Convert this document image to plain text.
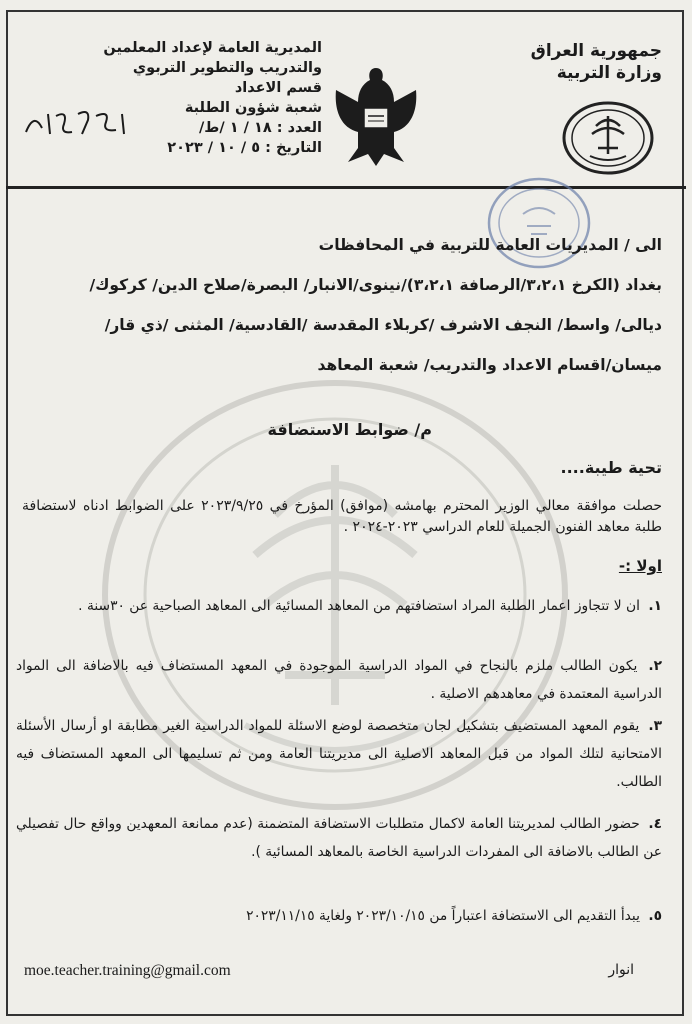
جمهورية العراق
وزارة التربية
المديرية العامة لإعداد المعلمين
والتدريب والتطوير التربوي
قسم الاعداد
شعبة شؤون الطلبة
العدد : ١٨ / ١ /ط/
التاريخ : ٥ / ١٠ / ٢٠٢٣
الى / المديريات العامة للتربية في المحافظات
بغداد (الكرخ ٣،٢،١/الرصافة ٣،٢،١)/نينوى/الانبار/ البصرة/صلاح الدين/ كركوك/
ديالى/ واسط/ النجف الاشرف /كربلاء المقدسة /القادسية/ المثنى /ذي قار/
ميسان/اقسام الاعداد والتدريب/ شعبة المعاهد
م/ ضوابط الاستضافة
تحية طيبة....
حصلت موافقة معالي الوزير المحترم بهامشه (موافق) المؤرخ في ٢٠٢٣/٩/٢٥ على الضوابط ادناه لاستضافة طلبة معاهد الفنون الجميلة للعام الدراسي ٢٠٢٣-٢٠٢٤ .
اولا :-
١. ان لا تتجاوز اعمار الطلبة المراد استضافتهم من المعاهد المسائية الى المعاهد الصباحية عن ٣٠سنة .
٢. يكون الطالب ملزم بالنجاح في المواد الدراسية الموجودة في المعهد المستضاف فيه بالاضافة الى المواد الدراسية المعتمدة في معاهدهم الاصلية .
٣. يقوم المعهد المستضيف بتشكيل لجان متخصصة لوضع الاسئلة للمواد الدراسية الغير مطابقة او أرسال الأسئلة الامتحانية لتلك المواد من قبل المعاهد الاصلية الى مديريتنا العامة ومن ثم تسليمها الى المعهد المستضاف فيه الطالب.
٤. حضور الطالب لمديريتنا العامة لاكمال متطلبات الاستضافة المتضمنة (عدم ممانعة المعهدين وواقع حال تفصيلي عن الطالب بالاضافة الى المفردات الدراسية الخاصة بالمعاهد المسائية ).
٥. يبدأ التقديم الى الاستضافة اعتباراً من ٢٠٢٣/١٠/١٥ ولغاية ٢٠٢٣/١١/١٥
moe.teacher.training@gmail.com	انوار
